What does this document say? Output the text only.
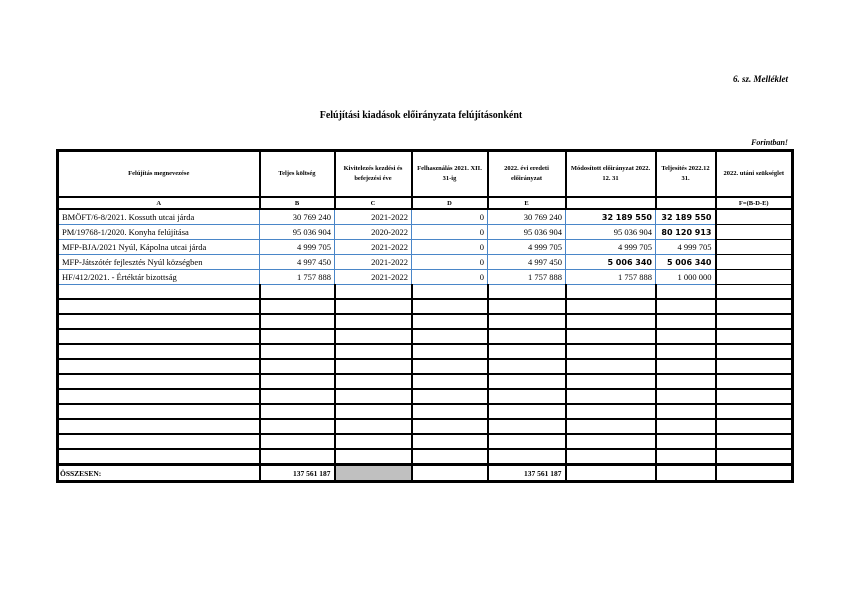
6. sz. Melléklet
Felújítási kiadások előirányzata felújításonként
Forintban!
Felújítás megnevezése	Teljes költség	Kivitelezés kezdési és befejezési éve	Felhasználás 2021. XII. 31-ig	2022. évi eredeti előirányzat	Módosított előirányzat 2022. 12. 31	Teljesítés 2022.12 31.	2022. utáni szükséglet
A	B	C	D	E			F=(B-D-E)
BMÖFT/6-8/2021. Kossuth utcai járda	30 769 240	2021-2022	0	30 769 240	32 189 550	32 189 550	
PM/19768-1/2020. Konyha felújítása	95 036 904	2020-2022	0	95 036 904	95 036 904	80 120 913	
MFP-BJA/2021 Nyúl, Kápolna utcai járda	4 999 705	2021-2022	0	4 999 705	4 999 705	4 999 705	
MFP-Játszótér fejlesztés Nyúl községben	4 997 450	2021-2022	0	4 997 450	5 006 340	5 006 340	
HF/412/2021. - Értéktár bizottság	1 757 888	2021-2022	0	1 757 888	1 757 888	1 000 000	

ÖSSZESEN:	137 561 187			137 561 187			
